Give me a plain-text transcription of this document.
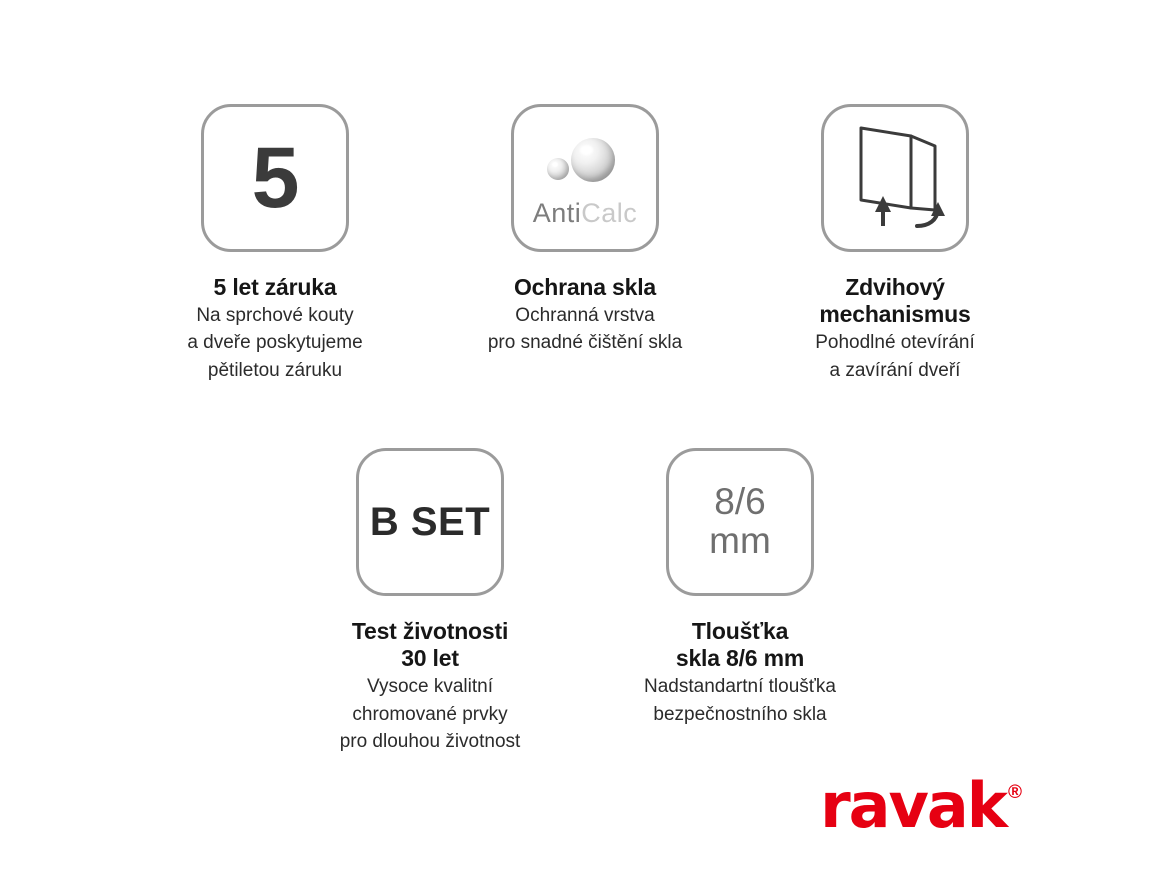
5
5 let záruka

Na sprchové kouty

a dveře poskytujeme

pětiletou záruku

AntiCalc
Ochrana skla

Ochranná vrstva

pro snadné čištění skla

Zdvihový
mechanismus

Pohodlné otevírání

a zavírání dveří

B SET
Test životnosti
30 let

Vysoce kvalitní

chromované prvky

pro dlouhou životnost

8/6
mm
Tloušťka
skla 8/6 mm

Nadstandartní tloušťka

bezpečnostního skla

ravak ®
